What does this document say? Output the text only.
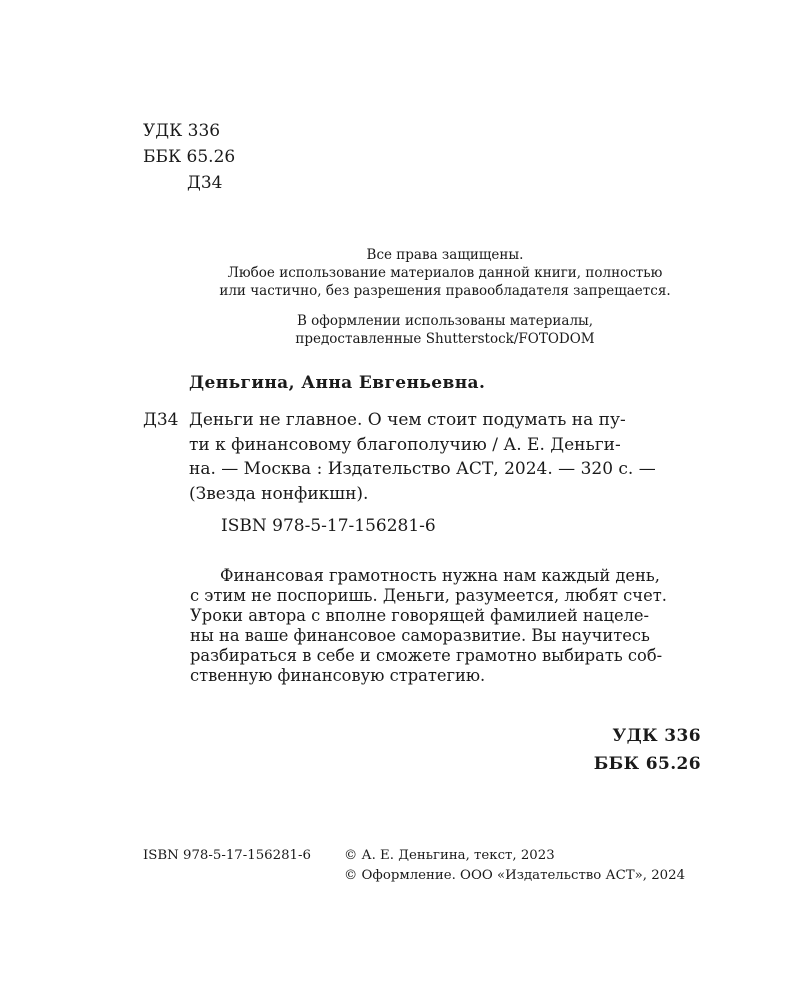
УДК 336
ББК 65.26
Д34

Все права защищены.

Любое использование материалов данной книги, полностью

или частично, без разрешения правообладателя запрещается.

В оформлении использованы материалы,

предоставленные Shutterstock/FOTODOM

Деньгина, Анна Евгеньевна.
Д34 Деньги не главное. О чем стоит подумать на пу-
ти к финансовому благополучию / А. Е. Деньги-
на. — Москва : Издательство АСТ, 2024. — 320 с. —
(Звезда нонфикшн).
ISBN 978-5-17-156281-6
Финансовая грамотность нужна нам каждый день,
с этим не поспоришь. Деньги, разумеется, любят счет.
Уроки автора с вполне говорящей фамилией нацеле-
ны на ваше финансовое саморазвитие. Вы научитесь
разбираться в себе и сможете грамотно выбирать соб-
ственную финансовую стратегию.
УДК 336
ББК 65.26
ISBN 978-5-17-156281-6 © А. Е. Деньгина, текст, 2023
© Оформление. ООО «Издательство АСТ», 2024
